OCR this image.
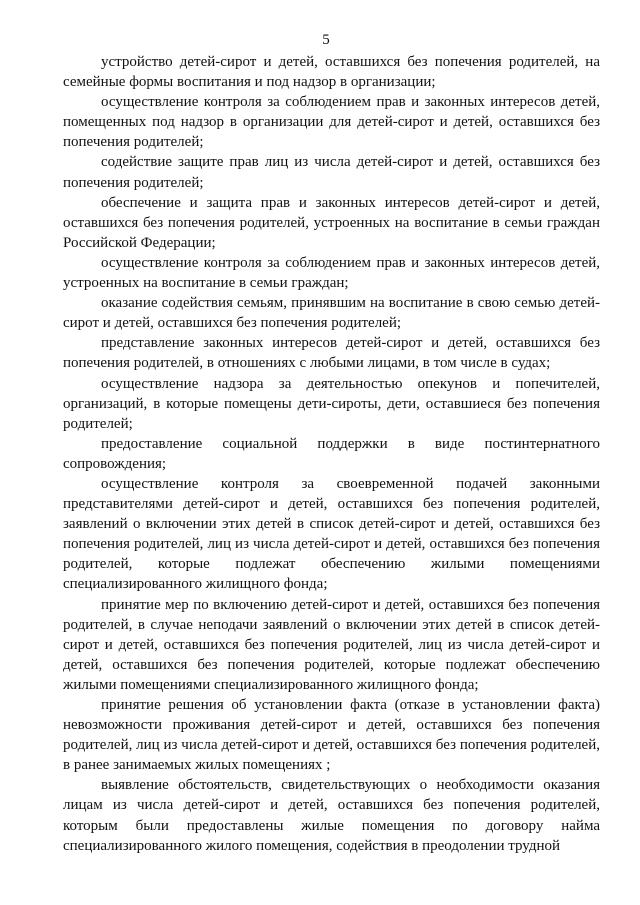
5

устройство детей-сирот и детей, оставшихся без попечения родителей, на семейные формы воспитания и под надзор в организации;

осуществление контроля за соблюдением прав и законных интересов детей, помещенных под надзор в организации для детей-сирот и детей, оставшихся без попечения родителей;

содействие защите прав лиц из числа детей-сирот и детей, оставшихся без попечения родителей;

обеспечение и защита прав и законных интересов детей-сирот и детей, оставшихся без попечения родителей, устроенных на воспитание в семьи граждан Российской Федерации;

осуществление контроля за соблюдением прав и законных интересов детей, устроенных на воспитание в семьи граждан;

оказание содействия семьям, принявшим на воспитание в свою семью детей-сирот и детей, оставшихся без попечения родителей;

представление законных интересов детей-сирот и детей, оставшихся без попечения родителей, в отношениях с любыми лицами, в том числе в судах;

осуществление надзора за деятельностью опекунов и попечителей, организаций, в которые помещены дети-сироты, дети, оставшиеся без попечения родителей;

предоставление социальной поддержки в виде постинтернатного сопровождения;

осуществление контроля за своевременной подачей законными представителями детей-сирот и детей, оставшихся без попечения родителей, заявлений о включении этих детей в список детей-сирот и детей, оставшихся без попечения родителей, лиц из числа детей-сирот и детей, оставшихся без попечения родителей, которые подлежат обеспечению жилыми помещениями специализированного жилищного фонда;

принятие мер по включению детей-сирот и детей, оставшихся без попечения родителей, в случае неподачи заявлений о включении этих детей в список детей-сирот и детей, оставшихся без попечения родителей, лиц из числа детей-сирот и детей, оставшихся без попечения родителей, которые подлежат обеспечению жилыми помещениями специализированного жилищного фонда;

принятие решения об установлении факта (отказе в установлении факта) невозможности проживания детей-сирот и детей, оставшихся без попечения родителей, лиц из числа детей-сирот и детей, оставшихся без попечения родителей, в ранее занимаемых жилых помещениях ;

выявление обстоятельств, свидетельствующих о необходимости оказания лицам из числа детей-сирот и детей, оставшихся без попечения родителей, которым были предоставлены жилые помещения по договору найма специализированного жилого помещения, содействия в преодолении трудной
